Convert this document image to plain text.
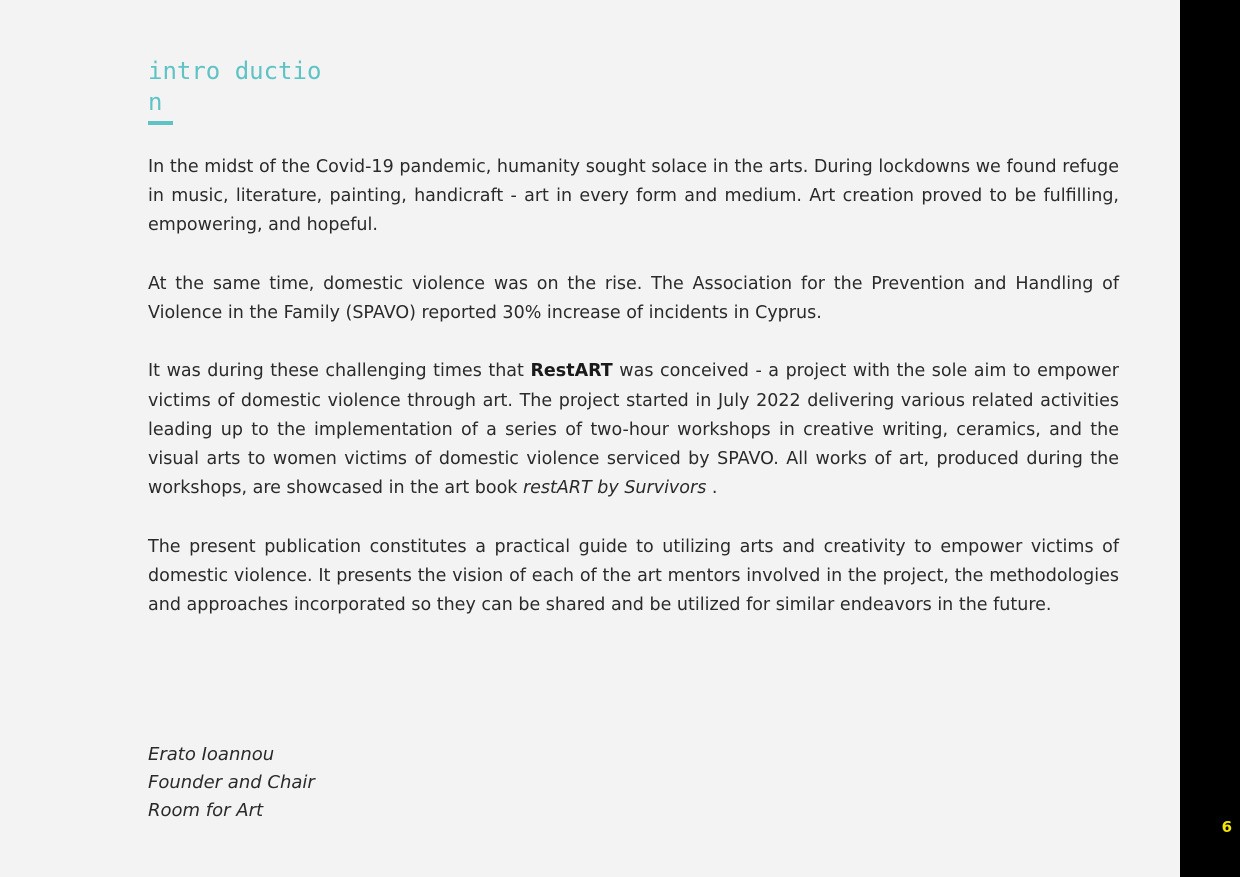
intro ductio
n

In the midst of the Covid-19 pandemic, humanity sought solace in the arts. During lockdowns we found refuge in music, literature, painting, handicraft - art in every form and medium. Art creation proved to be fulfilling, empowering, and hopeful.

At the same time, domestic violence was on the rise. The Association for the Prevention and Handling of Violence in the Family (SPAVO) reported 30% increase of incidents in Cyprus.

It was during these challenging times that RestART was conceived - a project with the sole aim to empower victims of domestic violence through art. The project started in July 2022 delivering various related activities leading up to the implementation of a series of two-hour workshops in creative writing, ceramics, and the visual arts to women victims of domestic violence serviced by SPAVO. All works of art, produced during the workshops, are showcased in the art book restART by Survivors .

The present publication constitutes a practical guide to utilizing arts and creativity to empower victims of domestic violence. It presents the vision of each of the art mentors involved in the project, the methodologies and approaches incorporated so they can be shared and be utilized for similar endeavors in the future.

Erato Ioannou
Founder and Chair
Room for Art
6
